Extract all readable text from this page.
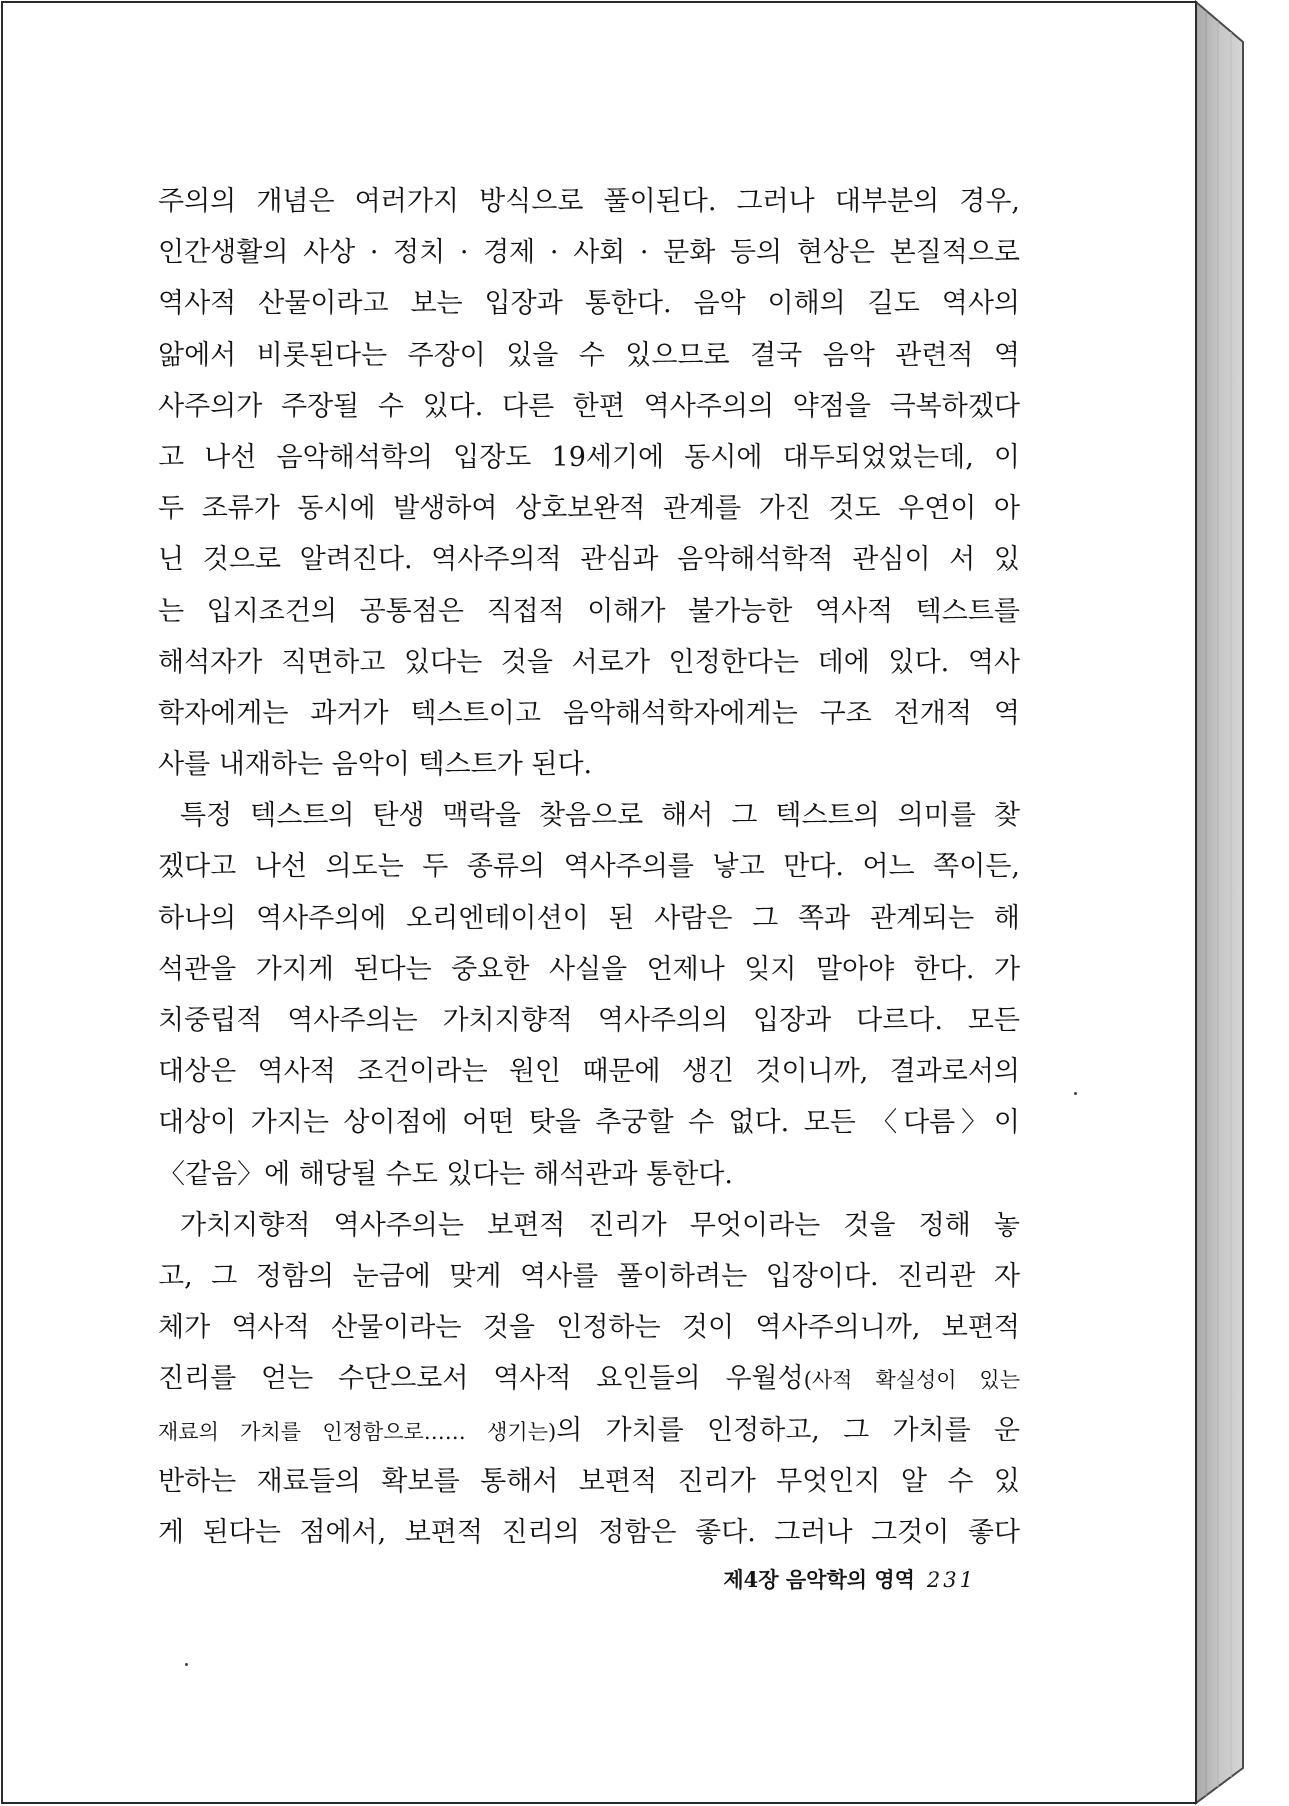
주의의 개념은 여러가지 방식으로 풀이된다. 그러나 대부분의 경우,
인간생활의 사상 · 정치 · 경제 · 사회 · 문화 등의 현상은 본질적으로
역사적 산물이라고 보는 입장과 통한다. 음악 이해의 길도 역사의
앎에서 비롯된다는 주장이 있을 수 있으므로 결국 음악 관련적 역
사주의가 주장될 수 있다. 다른 한편 역사주의의 약점을 극복하겠다
고 나선 음악해석학의 입장도 19세기에 동시에 대두되었었는데, 이
두 조류가 동시에 발생하여 상호보완적 관계를 가진 것도 우연이 아
닌 것으로 알려진다. 역사주의적 관심과 음악해석학적 관심이 서 있
는 입지조건의 공통점은 직접적 이해가 불가능한 역사적 텍스트를
해석자가 직면하고 있다는 것을 서로가 인정한다는 데에 있다. 역사
학자에게는 과거가 텍스트이고 음악해석학자에게는 구조 전개적 역
사를 내재하는 음악이 텍스트가 된다.
특정 텍스트의 탄생 맥락을 찾음으로 해서 그 텍스트의 의미를 찾
겠다고 나선 의도는 두 종류의 역사주의를 낳고 만다. 어느 쪽이든,
하나의 역사주의에 오리엔테이션이 된 사람은 그 쪽과 관계되는 해
석관을 가지게 된다는 중요한 사실을 언제나 잊지 말아야 한다. 가
치중립적 역사주의는 가치지향적 역사주의의 입장과 다르다. 모든
대상은 역사적 조건이라는 원인 때문에 생긴 것이니까, 결과로서의
대상이 가지는 상이점에 어떤 탓을 추궁할 수 없다. 모든 〈다름〉이
〈같음〉에 해당될 수도 있다는 해석관과 통한다.
가치지향적 역사주의는 보편적 진리가 무엇이라는 것을 정해 놓
고, 그 정함의 눈금에 맞게 역사를 풀이하려는 입장이다. 진리관 자
체가 역사적 산물이라는 것을 인정하는 것이 역사주의니까, 보편적
진리를 얻는 수단으로서 역사적 요인들의 우월성(사적 확실성이 있는
재료의 가치를 인정함으로…… 생기는)의 가치를 인정하고, 그 가치를 운
반하는 재료들의 확보를 통해서 보편적 진리가 무엇인지 알 수 있
게 된다는 점에서, 보편적 진리의 정함은 좋다. 그러나 그것이 좋다
제4장 음악학의 영역 231
